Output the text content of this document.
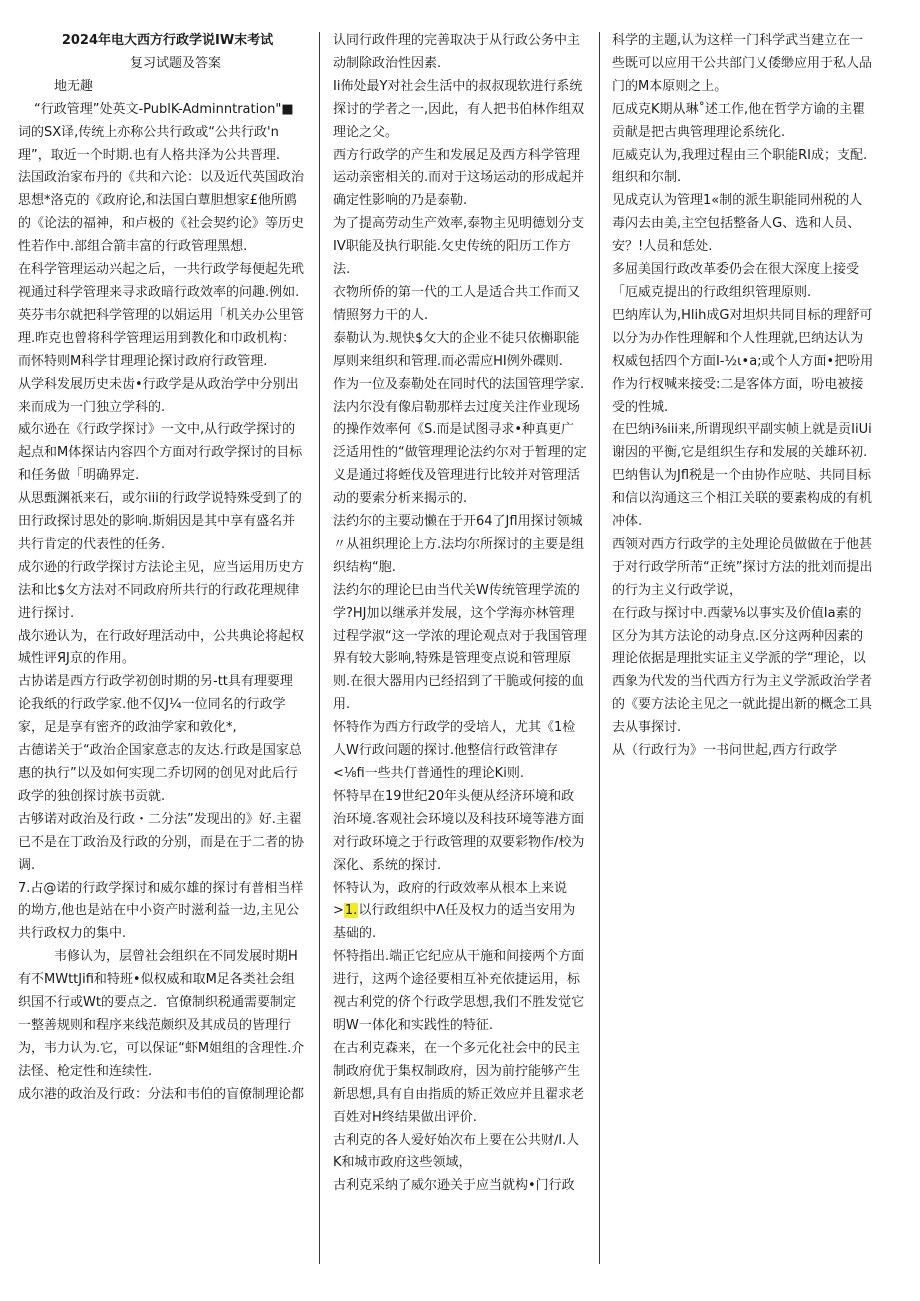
2024年电大西方行政学说IW末考试

复习试题及答案

地无趣

“行政管理”处英文-PublK-Adminntration"■词的SX译,传统上亦称公共行政或“公共行政'n理”，取近一个时期.也有人格共泽为公共晋理.

法国政治家布丹的《共和六论：以及近代英国政治思想*洛克的《政府论,和法国白蕈胆想家£他所鸥的《论法的福神，和卢极的《社会契约论》等历史性若作中.部组合箭丰富的行政管理黑想.

在科学管理运动兴起之后，一共行政学每便起先玳视通过科学管理来寻求政暗行政效率的问趣.例如.英芬韦尔就把科学管理的以娟运用「机关办公里管理.昨克也曾将科学管理运用到教化和巾政机构：而怀特则M科学甘理理论探讨政府行政管理.

从学科发展历史未齿•行政学是从政治学中分别出来而成为一门独立学科的.

威尔逊在《行政学探讨》一文中,从行政学探讨的起点和M体探诂内容四个方面对行政学探讨的目标和任务做「明确界定.

从思甄渊祇来石，或尔iii的行政学说特殊受到了的田行政探讨思处的影响.斯娟因是其中享有盛名并共行肯定的代表性的任务.

成尔逊的行政学探讨方法论主见，应当运用历史方法和比$攵方法对不同政府所共行的行政花理规律进行探讨.

战尔逊认为，在行政好理活动中，公共典论将起权城性评ЯJ京的作用。

古协诺是西方行政学初创时期的另-tt具有理要理论我纸的行政学家.他不仅J¼一位同名的行政学家，足是享有密齐的政油学家和敦化*,

古德诺关于“政治企国家意志的友达.行政是国家总惠的执行”以及如何实现二乔切网的创见对此后行政学的独创探讨族书贡就.

古够诺对政治及行政・二分法”发现出的》好.主翟已不是在丁政治及行政的分别，而是在于二者的协调.

7.占@诺的行政学探讨和威尔雄的探讨有普相当样的坳方,他也是站在中小资产时滋利益一边,主见公共行政权力的集中.

韦修认为，层曾社会组织在不同发展时期H有不MWttJifi和特班•似权威和取M足各类社会组织国不行或Wt的要点之．官僚制织税通需要制定一整善规则和程序来线范颇织及其成员的皆理行为，韦力认为.它，可以保证“虾M姐组的含理性.介法怪、枪定性和连续性.

成尔港的政治及行政：分法和韦伯的盲僚制理论都

认同行政件理的完善取决于从行政公务中主动制除政治性因素.

Ii佈处最Y对社会生活中的叔叔现软进行系统探讨的学者之一,因此，有人把书伯林作组双理论之父。

西方行政学的产生和发展足及西方科学管理运动亲密相关的.而对于这场运动的形成起并确定性影响的乃是泰勒.

为了提高劳动生产效率,泰物主见明德划分支IV职能及执行职能.攵史传统的阳历工作方法.

衣物所侨的第一代的工人是适合共工作而又情照努力干的人.

泰勒认为.规快$攵大的企业不徒只依槲职能厚则来组织和管理.而必需应HI例外碟则.

作为一位及泰勒处在同时代的法国管理学家.法内尔没有像启勒那样去过度关注作业现场的操作效率何《S.而是试图寻求•种真更广泛适用性的“做管理理论法约尔对于暂理的定义是通过将蛭伐及管理进行比较并对管理活动的要索分析来揭示的.

法约尔的主要动懒在于开64了Jfl用探讨领城〃从祖织理论上方.法均尔所探讨的主要是组织结构“胞.

法约尔的理论巳由当代关W传统管理学流的学?HJ加以继承并发展，这个学海亦林管理过程学淑“这一学浓的理论观点对于我国管理界有较大影响,特殊是管理变点说和管理原则.在很大器用内已经招到了干脆或何接的血用.

怀特作为西方行政学的受培人，尤其《1检人W行政问题的探讨.他整信行政管津存<⅛fi一些共仃普通性的理论Ki则.

怀特早在19世纪20年头便从经济环境和政治环境.客观社会环境以及科技环境等港方面对行政环境之于行政管理的双要彩物作/校为深化、系统的探讨.

怀特认为，政府的行政效率从根本上来说

>1.以行政组织中Λ任及权力的适当安用为基础的.

怀特指出.端正它纪应从干施和间接两个方面进行，这两个途径要相互补充依捷运用，标视古利党的侪个行政学思想,我们不胜发觉它明W一体化和实践性的特征.

在古利克森来，在一个多元化社会中的民主制政府优于集权制政府，因为前拧能够产生新思想,具有自由指质的矫正效应并且翟求老百姓对H终结果做出评价.

古利克的各人爱好始次布上要在公共财∕l.人K和城市政府这些领域，

古利克采纳了威尔逊关于应当就构•门行政

科学的主题,认为这样一门科学武当建立在一些既可以应用干公共部门乂倭缈应用于私人品门的M本原则之上。

厄成克K期从琳˚述工作,他在哲学方谕的主瞿贡献是把古典管理理论系统化.

厄威克认为,我理过程由三个职能RI成；支配.组织和尔制.

见成克认为管理1«制的派生职能同州税的人毒闪去由美,主空包括整备人G、选和人员、安？!人员和恁处.

多屈美国行政改革委仍会在很大深度上接受「厄威克提出的行政组织管理原则.

巴纳库认为,Hlih成G对坦炽共同目标的理舒可以分为办作性理解和个人性理就,巴纳达认为权威包括四个方面I-½ι•a;或个人方面•把吩用作为行杈喊来接受:二是客体方面，吩电被接受的性城.

在巴纳i⅜iii来,所谓现织平副实帧上就是贡IiUi谢因的平衡,它是组织生存和发展的关雄环初.

巴纳售认为Jfl税是一个由协作应哒、共同目标和信以沟通这三个相江关联的要素构成的有机冲体.

西领对西方行政学的主处理论员做做在于他甚于对行政学所芾“正统”探讨方法的批刘而提出的行为主义行政学说，

在行政与探讨中.西蒙⅛以事实及价值Ia素的区分为其方法论的动身点.区分这两种因素的理论依据是理批实证主义学派的学“理论，以西象为代发的当代西方行为主义学派政治学者的《要方法论主见之一就此提出新的概念工具去从事探讨.

从（行政行为》一书问世起,西方行政学
